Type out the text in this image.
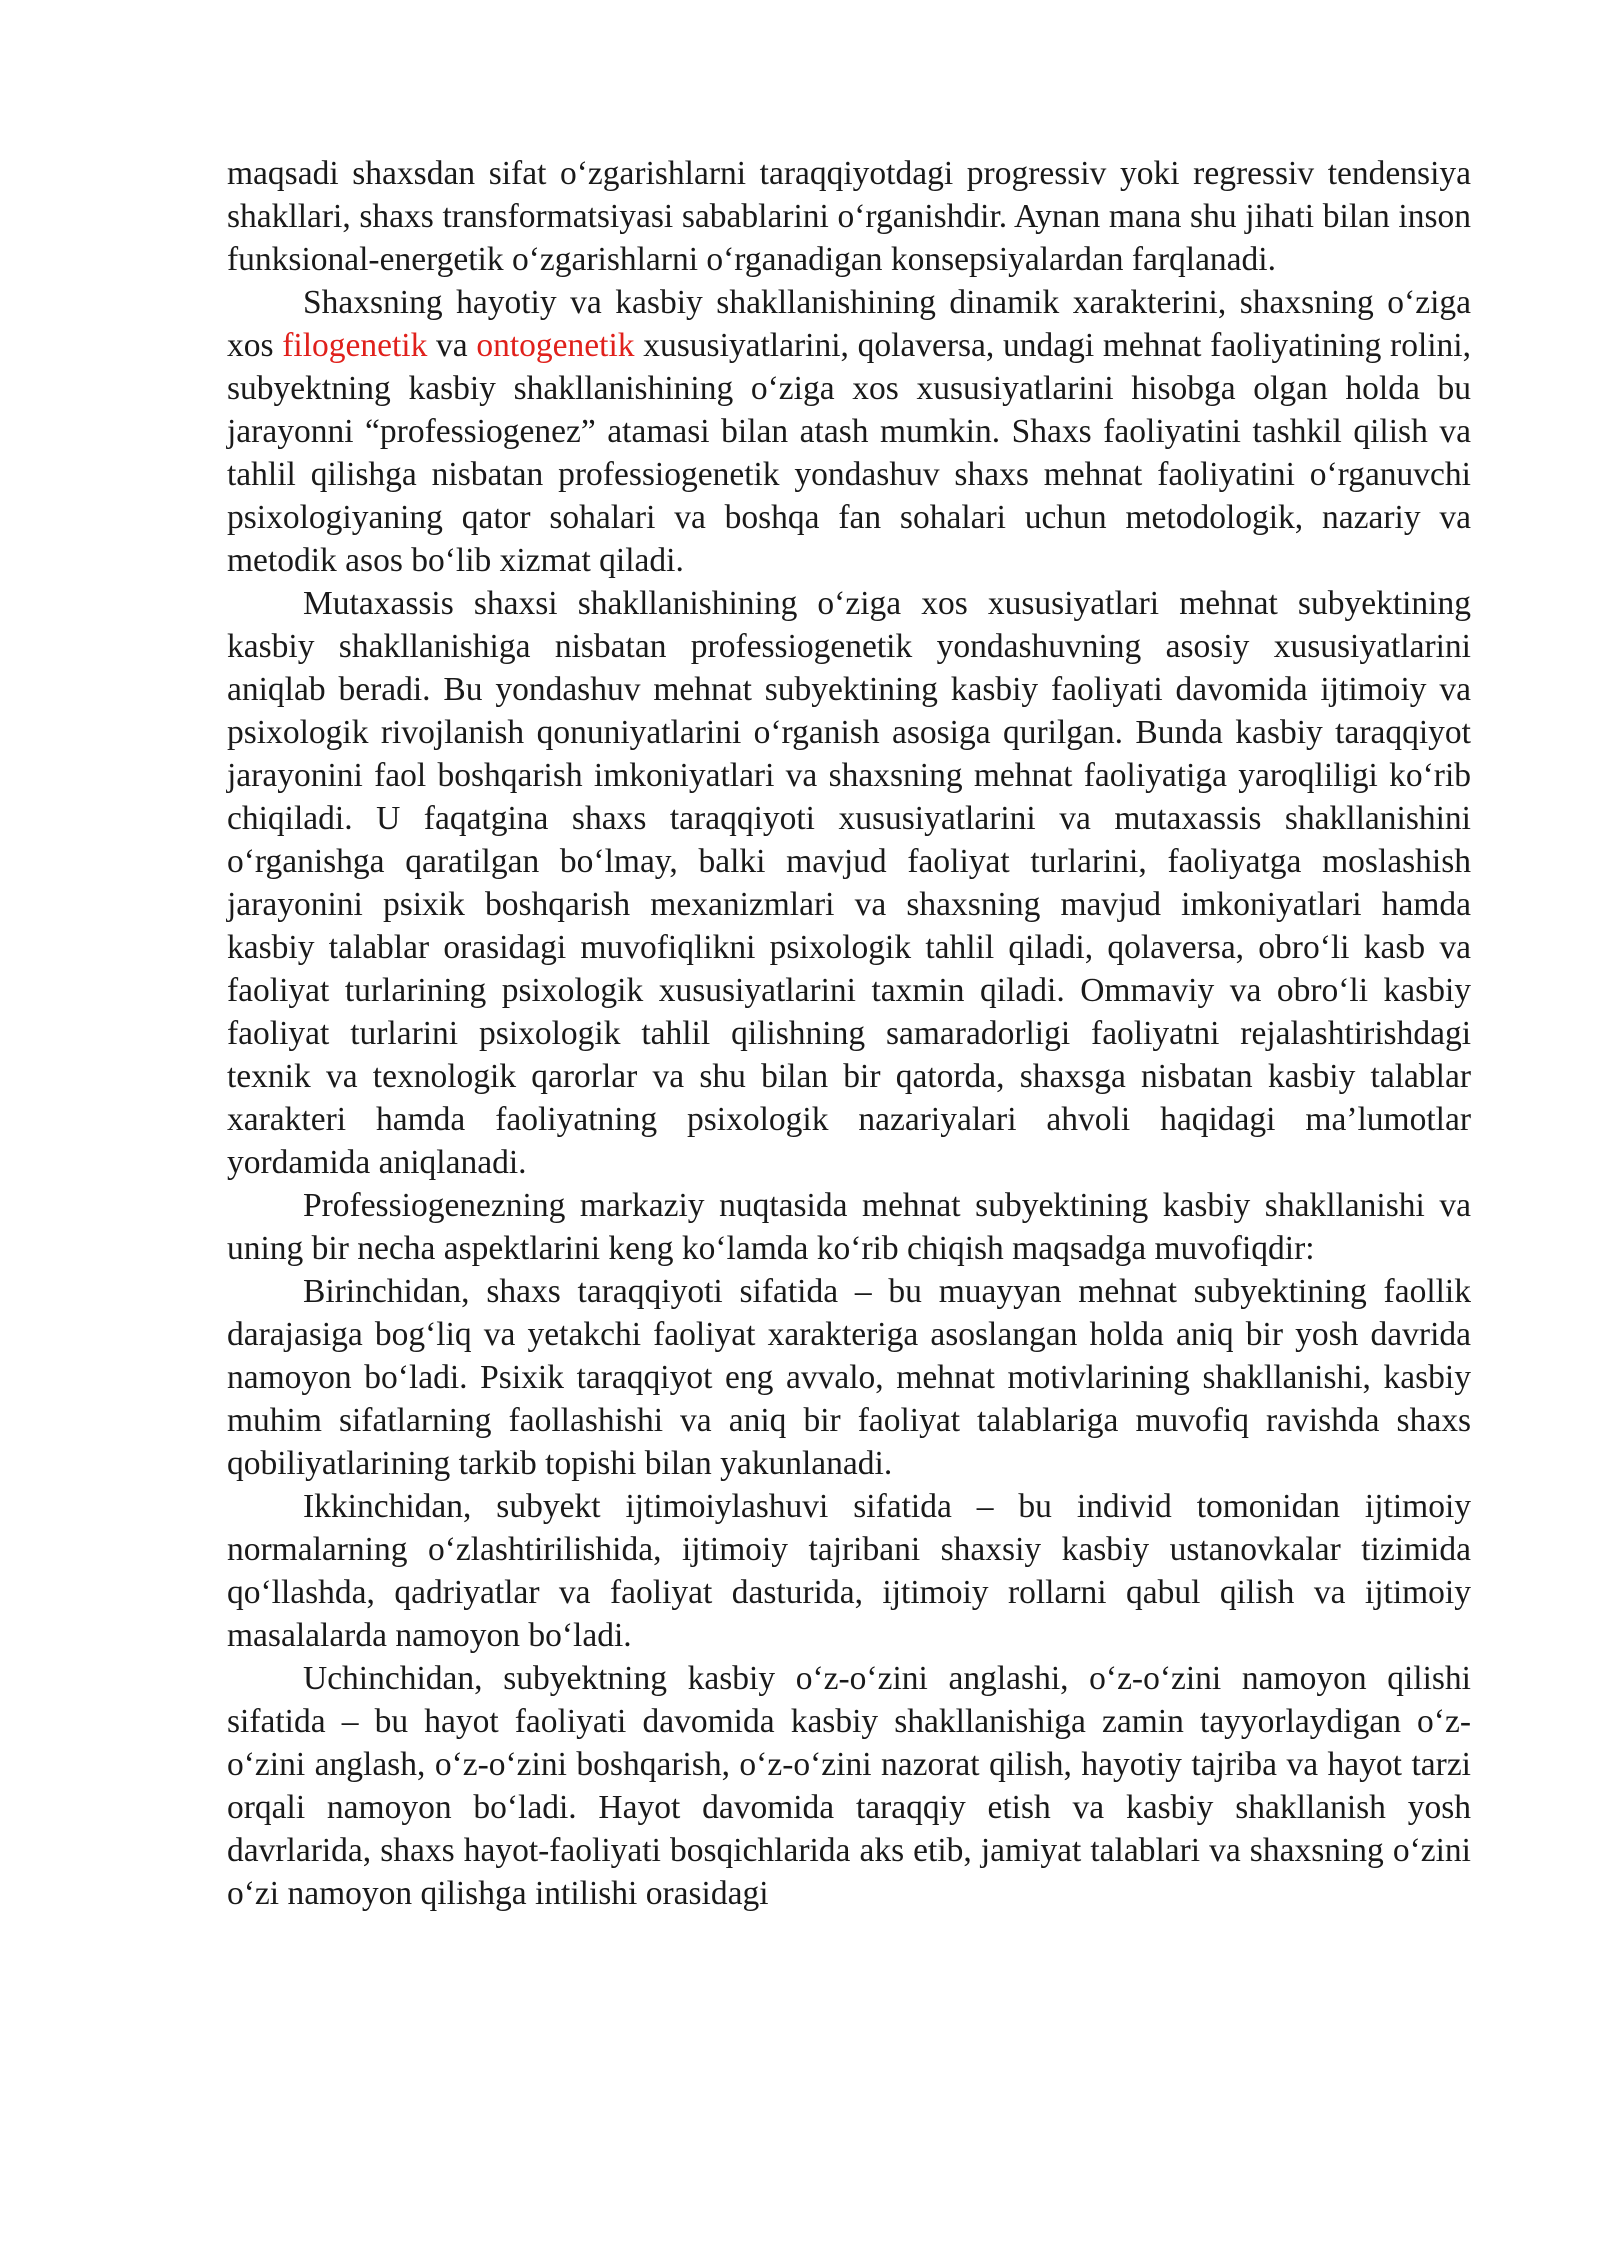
maqsadi shaxsdan sifat o‘zgarishlarni taraqqiyotdagi progressiv yoki regressiv tendensiya shakllari, shaxs transformatsiyasi sabablarini o‘rganishdir. Aynan mana shu jihati bilan inson funksional-energetik o‘zgarishlarni o‘rganadigan konsepsiyalardan farqlanadi.

Shaxsning hayotiy va kasbiy shakllanishining dinamik xarakterini, shaxsning o‘ziga xos filogenetik va ontogenetik xususiyatlarini, qolaversa, undagi mehnat faoliyatining rolini, subyektning kasbiy shakllanishining o‘ziga xos xususiyatlarini hisobga olgan holda bu jarayonni “professiogenez” atamasi bilan atash mumkin. Shaxs faoliyatini tashkil qilish va tahlil qilishga nisbatan professiogenetik yondashuv shaxs mehnat faoliyatini o‘rganuvchi psixologiyaning qator sohalari va boshqa fan sohalari uchun metodologik, nazariy va metodik asos bo‘lib xizmat qiladi.

Mutaxassis shaxsi shakllanishining o‘ziga xos xususiyatlari mehnat subyektining kasbiy shakllanishiga nisbatan professiogenetik yondashuvning asosiy xususiyatlarini aniqlab beradi. Bu yondashuv mehnat subyektining kasbiy faoliyati davomida ijtimoiy va psixologik rivojlanish qonuniyatlarini o‘rganish asosiga qurilgan. Bunda kasbiy taraqqiyot jarayonini faol boshqarish imkoniyatlari va shaxsning mehnat faoliyatiga yaroqliligi ko‘rib chiqiladi. U faqatgina shaxs taraqqiyoti xususiyatlarini va mutaxassis shakllanishini o‘rganishga qaratilgan bo‘lmay, balki mavjud faoliyat turlarini, faoliyatga moslashish jarayonini psixik boshqarish mexanizmlari va shaxsning mavjud imkoniyatlari hamda kasbiy talablar orasidagi muvofiqlikni psixologik tahlil qiladi, qolaversa, obro‘li kasb va faoliyat turlarining psixologik xususiyatlarini taxmin qiladi. Ommaviy va obro‘li kasbiy faoliyat turlarini psixologik tahlil qilishning samaradorligi faoliyatni rejalashtirishdagi texnik va texnologik qarorlar va shu bilan bir qatorda, shaxsga nisbatan kasbiy talablar xarakteri hamda faoliyatning psixologik nazariyalari ahvoli haqidagi ma’lumotlar yordamida aniqlanadi.

Professiogenezning markaziy nuqtasida mehnat subyektining kasbiy shakllanishi va uning bir necha aspektlarini keng ko‘lamda ko‘rib chiqish maqsadga muvofiqdir:

Birinchidan, shaxs taraqqiyoti sifatida – bu muayyan mehnat subyektining faollik darajasiga bog‘liq va yetakchi faoliyat xarakteriga asoslangan holda aniq bir yosh davrida namoyon bo‘ladi. Psixik taraqqiyot eng avvalo, mehnat motivlarining shakllanishi, kasbiy muhim sifatlarning faollashishi va aniq bir faoliyat talablariga muvofiq ravishda shaxs qobiliyatlarining tarkib topishi bilan yakunlanadi.

Ikkinchidan, subyekt ijtimoiylashuvi sifatida – bu individ tomonidan ijtimoiy normalarning o‘zlashtirilishida, ijtimoiy tajribani shaxsiy kasbiy ustanovkalar tizimida qo‘llashda, qadriyatlar va faoliyat dasturida, ijtimoiy rollarni qabul qilish va ijtimoiy masalalarda namoyon bo‘ladi.

Uchinchidan, subyektning kasbiy o‘z-o‘zini anglashi, o‘z-o‘zini namoyon qilishi sifatida – bu hayot faoliyati davomida kasbiy shakllanishiga zamin tayyorlaydigan o‘z-o‘zini anglash, o‘z-o‘zini boshqarish, o‘z-o‘zini nazorat qilish, hayotiy tajriba va hayot tarzi orqali namoyon bo‘ladi. Hayot davomida taraqqiy etish va kasbiy shakllanish yosh davrlarida, shaxs hayot-faoliyati bosqichlarida aks etib, jamiyat talablari va shaxsning o‘zini o‘zi namoyon qilishga intilishi orasidagi
